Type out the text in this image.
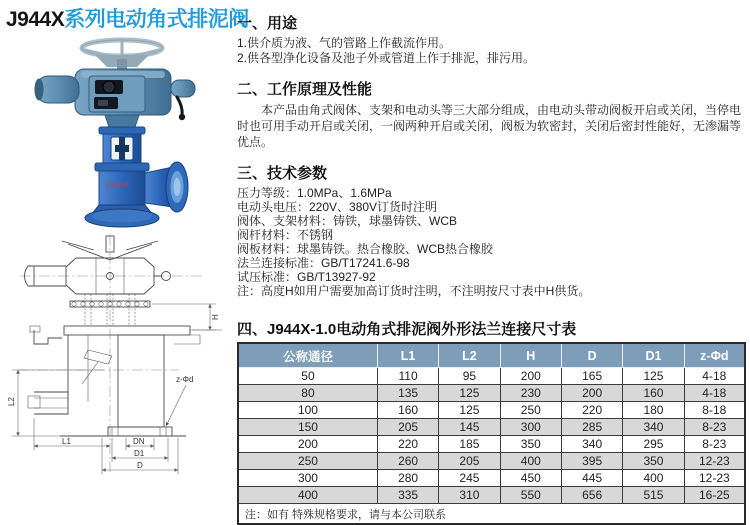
J944X系列电动角式排泥阀
DN150
H
L2
z-Φd
L1	DN
D1
D
一、用途
1.供介质为液、气的管路上作截流作用。
2.供各型净化设备及池子外或管道上作于排泥，排污用。
二、工作原理及性能

本产品由角式阀体、支架和电动头等三大部分组成，由电动头带动阀板开启或关闭，当停电时也可用手动开启或关闭，一阀两种开启或关闭，阀板为软密封，关闭后密封性能好，无渗漏等优点。

三、技术参数
压力等级：1.0MPa、1.6MPa
电动头电压：220V、380V订货时注明
阀体、支架材料：铸铁，球墨铸铁、WCB
阀杆材料：不锈钢
阀板材料：球墨铸铁。热合橡胶、WCB热合橡胶
法兰连接标准：GB/T17241.6-98
试压标准：GB/T13927-92
注：高度H如用户需要加高订货时注明，不注明按尺寸表中H供货。
四、J944X-1.0电动角式排泥阀外形法兰连接尺寸表
公称通径	L1	L2	H	D	D1	z-Φd
50	110	95	200	165	125	4-18
80	135	125	230	200	160	4-18
100	160	125	250	220	180	8-18
150	205	145	300	285	340	8-23
200	220	185	350	340	295	8-23
250	260	205	400	395	350	12-23
300	280	245	450	445	400	12-23
400	335	310	550	656	515	16-25
注：如有 特殊规格要求，请与本公司联系						
